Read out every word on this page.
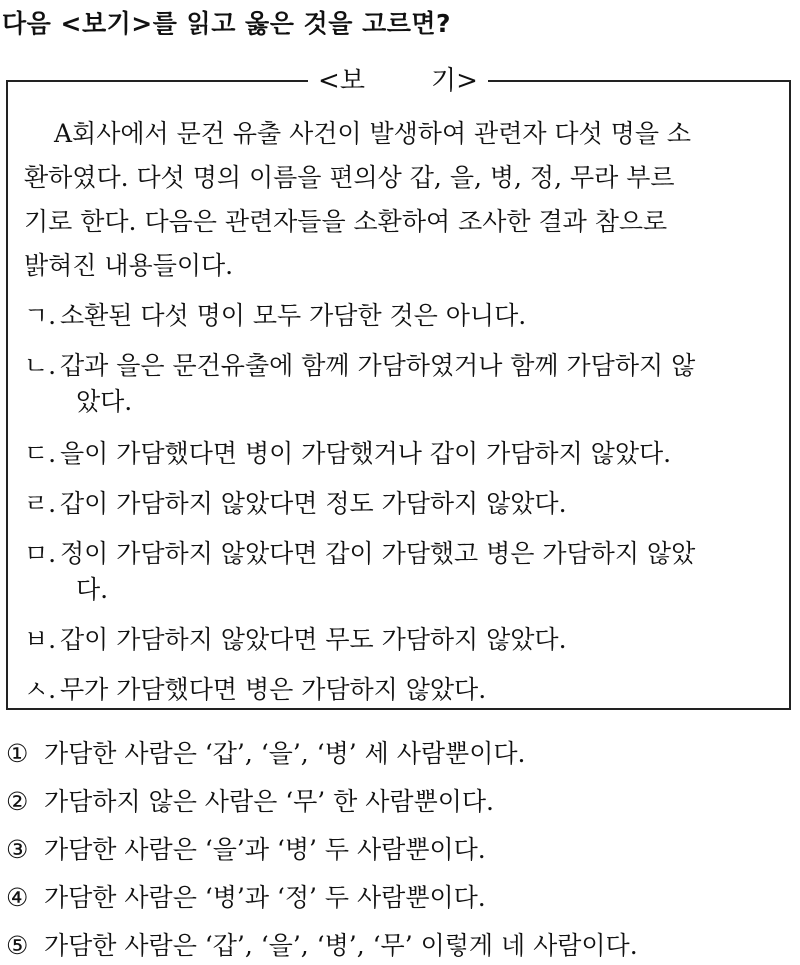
다음 <보기>를 읽고 옳은 것을 고르면?
<보        기>
A회사에서 문건 유출 사건이 발생하여 관련자 다섯 명을 소
환하였다. 다섯 명의 이름을 편의상 갑, 을, 병, 정, 무라 부르
기로 한다. 다음은 관련자들을 소환하여 조사한 결과 참으로
밝혀진 내용들이다.
ㄱ. 소환된 다섯 명이 모두 가담한 것은 아니다.
ㄴ. 갑과 을은 문건유출에 함께 가담하였거나 함께 가담하지 않
았다.
ㄷ. 을이 가담했다면 병이 가담했거나 갑이 가담하지 않았다.
ㄹ. 갑이 가담하지 않았다면 정도 가담하지 않았다.
ㅁ. 정이 가담하지 않았다면 갑이 가담했고 병은 가담하지 않았
다.
ㅂ. 갑이 가담하지 않았다면 무도 가담하지 않았다.
ㅅ. 무가 가담했다면 병은 가담하지 않았다.
① 가담한 사람은 ‘갑’, ‘을’, ‘병’ 세 사람뿐이다.
② 가담하지 않은 사람은 ‘무’ 한 사람뿐이다.
③ 가담한 사람은 ‘을’과 ‘병’ 두 사람뿐이다.
④ 가담한 사람은 ‘병’과 ‘정’ 두 사람뿐이다.
⑤ 가담한 사람은 ‘갑’, ‘을’, ‘병’, ‘무’ 이렇게 네 사람이다.
